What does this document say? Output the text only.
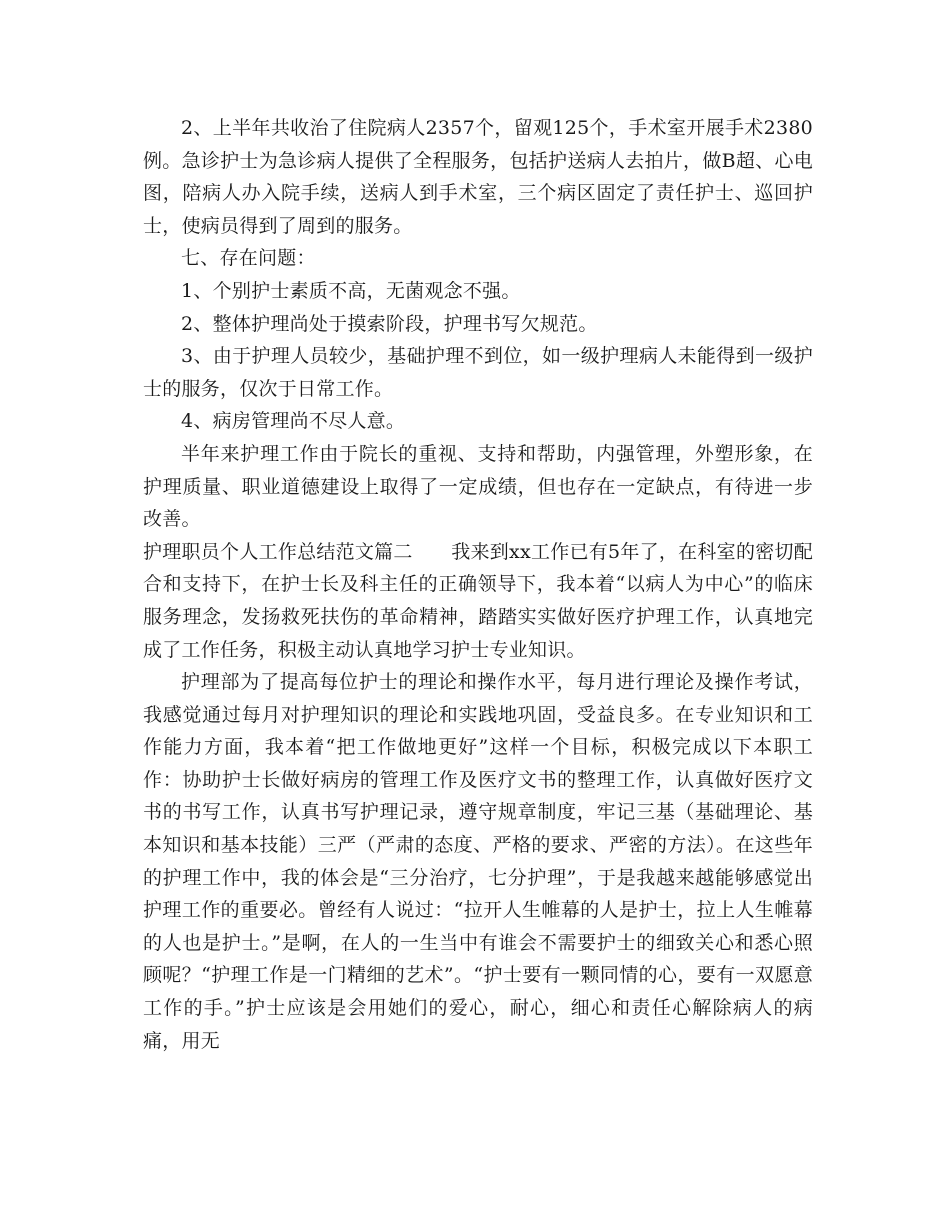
2、上半年共收治了住院病人2357个，留观125个，手术室开展手术2380例。急诊护士为急诊病人提供了全程服务，包括护送病人去拍片，做B超、心电图，陪病人办入院手续，送病人到手术室，三个病区固定了责任护士、巡回护士，使病员得到了周到的服务。

七、存在问题：

1、个别护士素质不高，无菌观念不强。

2、整体护理尚处于摸索阶段，护理书写欠规范。

3、由于护理人员较少，基础护理不到位，如一级护理病人未能得到一级护士的服务，仅次于日常工作。

4、病房管理尚不尽人意。

半年来护理工作由于院长的重视、支持和帮助，内强管理，外塑形象，在护理质量、职业道德建设上取得了一定成绩，但也存在一定缺点，有待进一步改善。

护理职员个人工作总结范文篇二　　我来到xx工作已有5年了，在科室的密切配合和支持下，在护士长及科主任的正确领导下，我本着“以病人为中心”的临床服务理念，发扬救死扶伤的革命精神，踏踏实实做好医疗护理工作，认真地完成了工作任务，积极主动认真地学习护士专业知识。

护理部为了提高每位护士的理论和操作水平，每月进行理论及操作考试，我感觉通过每月对护理知识的理论和实践地巩固，受益良多。在专业知识和工作能力方面，我本着“把工作做地更好”这样一个目标，积极完成以下本职工作：协助护士长做好病房的管理工作及医疗文书的整理工作，认真做好医疗文书的书写工作，认真书写护理记录，遵守规章制度，牢记三基（基础理论、基本知识和基本技能）三严（严肃的态度、严格的要求、严密的方法）。在这些年的护理工作中，我的体会是“三分治疗，七分护理”，于是我越来越能够感觉出护理工作的重要必。曾经有人说过：“拉开人生帷幕的人是护士，拉上人生帷幕的人也是护士。”是啊，在人的一生当中有谁会不需要护士的细致关心和悉心照顾呢？“护理工作是一门精细的艺术”。“护士要有一颗同情的心，要有一双愿意工作的手。”护士应该是会用她们的爱心，耐心，细心和责任心解除病人的病痛，用无
